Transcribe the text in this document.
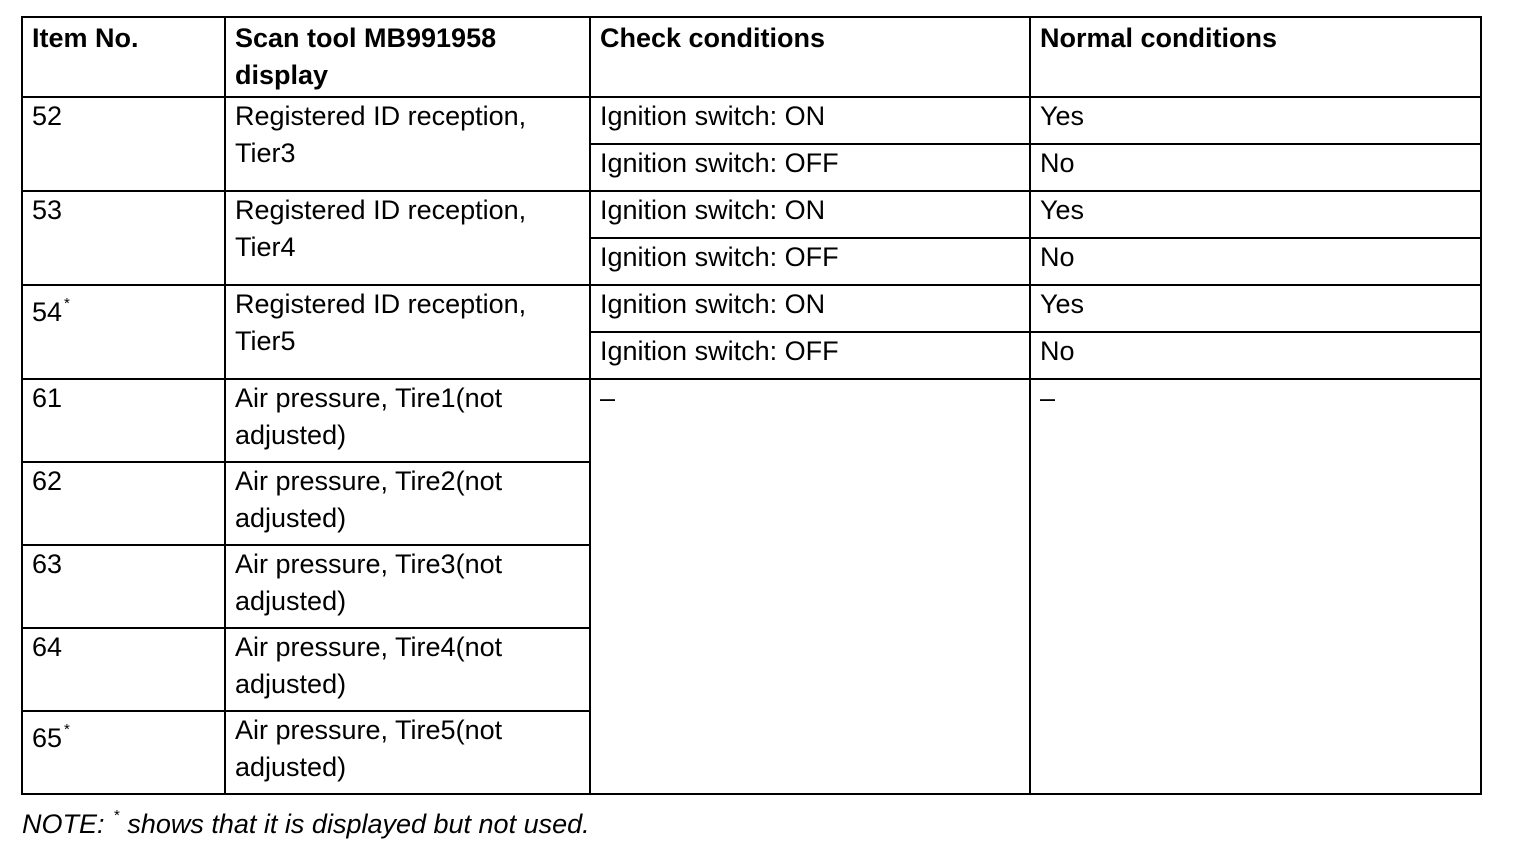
Item No.	Scan tool MB991958 display	Check conditions	Normal conditions
52	Registered ID reception, Tier3	Ignition switch: ON	Yes
		Ignition switch: OFF	No
53	Registered ID reception, Tier4	Ignition switch: ON	Yes
		Ignition switch: OFF	No
54 *	Registered ID reception, Tier5	Ignition switch: ON	Yes
		Ignition switch: OFF	No
61	Air pressure, Tire1(not adjusted)	–	–
62	Air pressure, Tire2(not adjusted)		
63	Air pressure, Tire3(not adjusted)		
64	Air pressure, Tire4(not adjusted)		
65 *	Air pressure, Tire5(not adjusted)		
NOTE: * shows that it is displayed but not used.
